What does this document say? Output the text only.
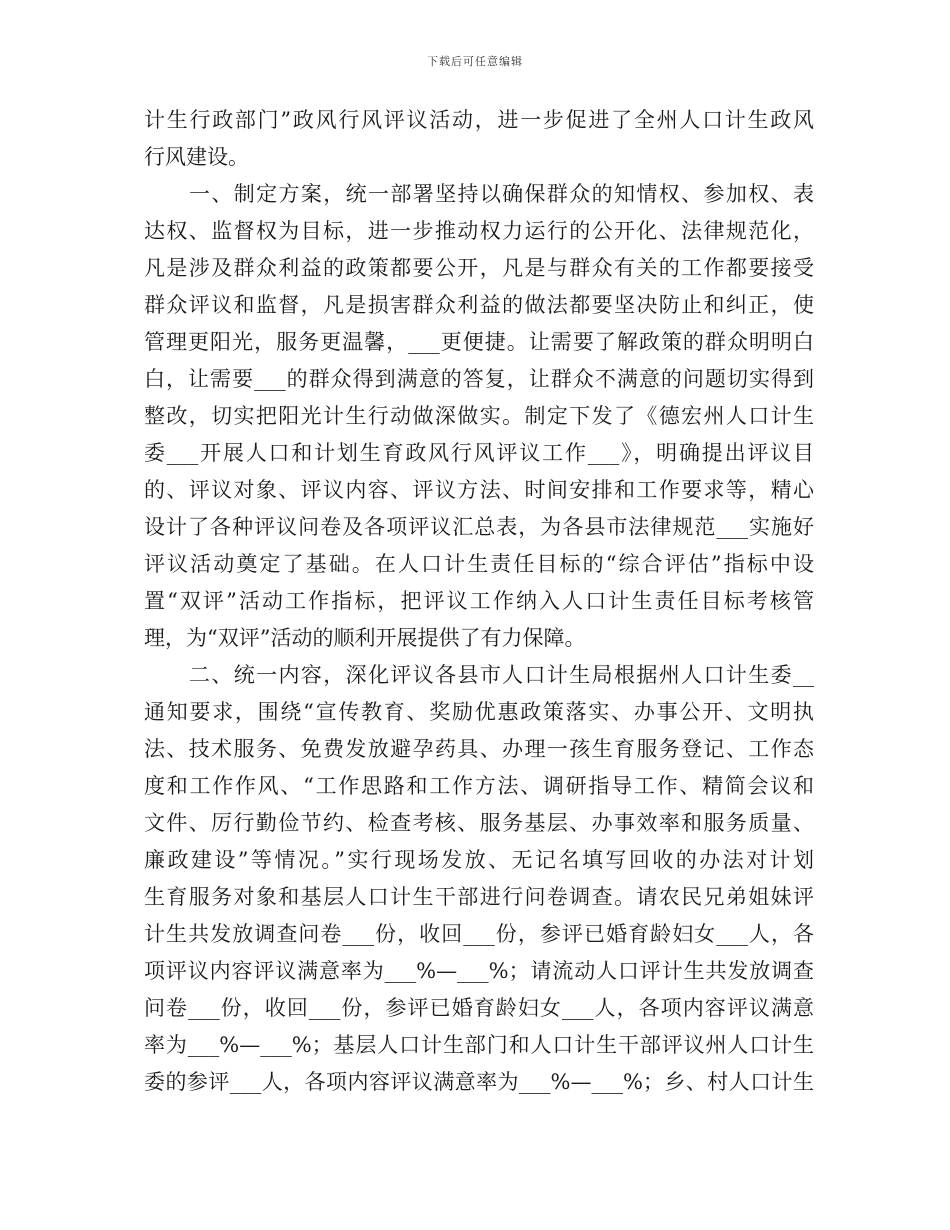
下载后可任意编辑
计生行政部门”政风行风评议活动，进一步促进了全州人口计生政风
行风建设。
一、制定方案，统一部署坚持以确保群众的知情权、参加权、表
达权、监督权为目标，进一步推动权力运行的公开化、法律规范化，
凡是涉及群众利益的政策都要公开，凡是与群众有关的工作都要接受
群众评议和监督，凡是损害群众利益的做法都要坚决防止和纠正，使
管理更阳光，服务更温馨，___更便捷。让需要了解政策的群众明明白
白，让需要___的群众得到满意的答复，让群众不满意的问题切实得到
整改，切实把阳光计生行动做深做实。制定下发了《德宏州人口计生
委___开展人口和计划生育政风行风评议工作___》，明确提出评议目
的、评议对象、评议内容、评议方法、时间安排和工作要求等，精心
设计了各种评议问卷及各项评议汇总表，为各县市法律规范___实施好
评议活动奠定了基础。在人口计生责任目标的“综合评估”指标中设
置“双评”活动工作指标，把评议工作纳入人口计生责任目标考核管
理，为“双评”活动的顺利开展提供了有力保障。
二、统一内容，深化评议各县市人口计生局根据州人口计生委__
通知要求，围绕“宣传教育、奖励优惠政策落实、办事公开、文明执
法、技术服务、免费发放避孕药具、办理一孩生育服务登记、工作态
度和工作作风、“工作思路和工作方法、调研指导工作、精简会议和
文件、厉行勤俭节约、检查考核、服务基层、办事效率和服务质量、
廉政建设”等情况。”实行现场发放、无记名填写回收的办法对计划
生育服务对象和基层人口计生干部进行问卷调查。请农民兄弟姐妹评
计生共发放调查问卷___份，收回___份，参评已婚育龄妇女___人，各
项评议内容评议满意率为___%—___%；请流动人口评计生共发放调查
问卷___份，收回___份，参评已婚育龄妇女___人，各项内容评议满意
率为___%—___%；基层人口计生部门和人口计生干部评议州人口计生
委的参评___人，各项内容评议满意率为___%—___%；乡、村人口计生
